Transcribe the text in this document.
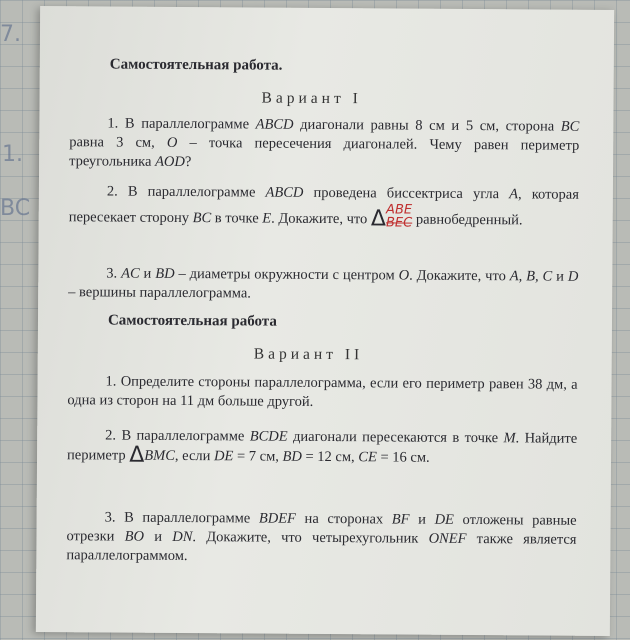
7.
1.
BC
Самостоятельная работа.
Вариант I
1. В параллелограмме ABCD диагонали равны 8 см и 5 см, сторона BC равна 3 см, O – точка пересечения диагоналей. Чему равен периметр треугольника AOD?
2. В параллелограмме ABCD проведена биссектриса угла A, которая пересекает сторону BC в точке E. Докажите, что ΔABE
BEC равнобедренный.
3. AC и BD – диаметры окружности с центром O. Докажите, что A, B, C и D – вершины параллелограмма.
Самостоятельная работа
Вариант II
1. Определите стороны параллелограмма, если его периметр равен 38 дм, а одна из сторон на 11 дм больше другой.
2. В параллелограмме BCDE диагонали пересекаются в точке M. Найдите периметр ΔBMC, если DE = 7 см, BD = 12 см, CE = 16 см.
3. В параллелограмме BDEF на сторонах BF и DE отложены равные отрезки BO и DN. Докажите, что четырехугольник ONEF также является параллелограммом.
